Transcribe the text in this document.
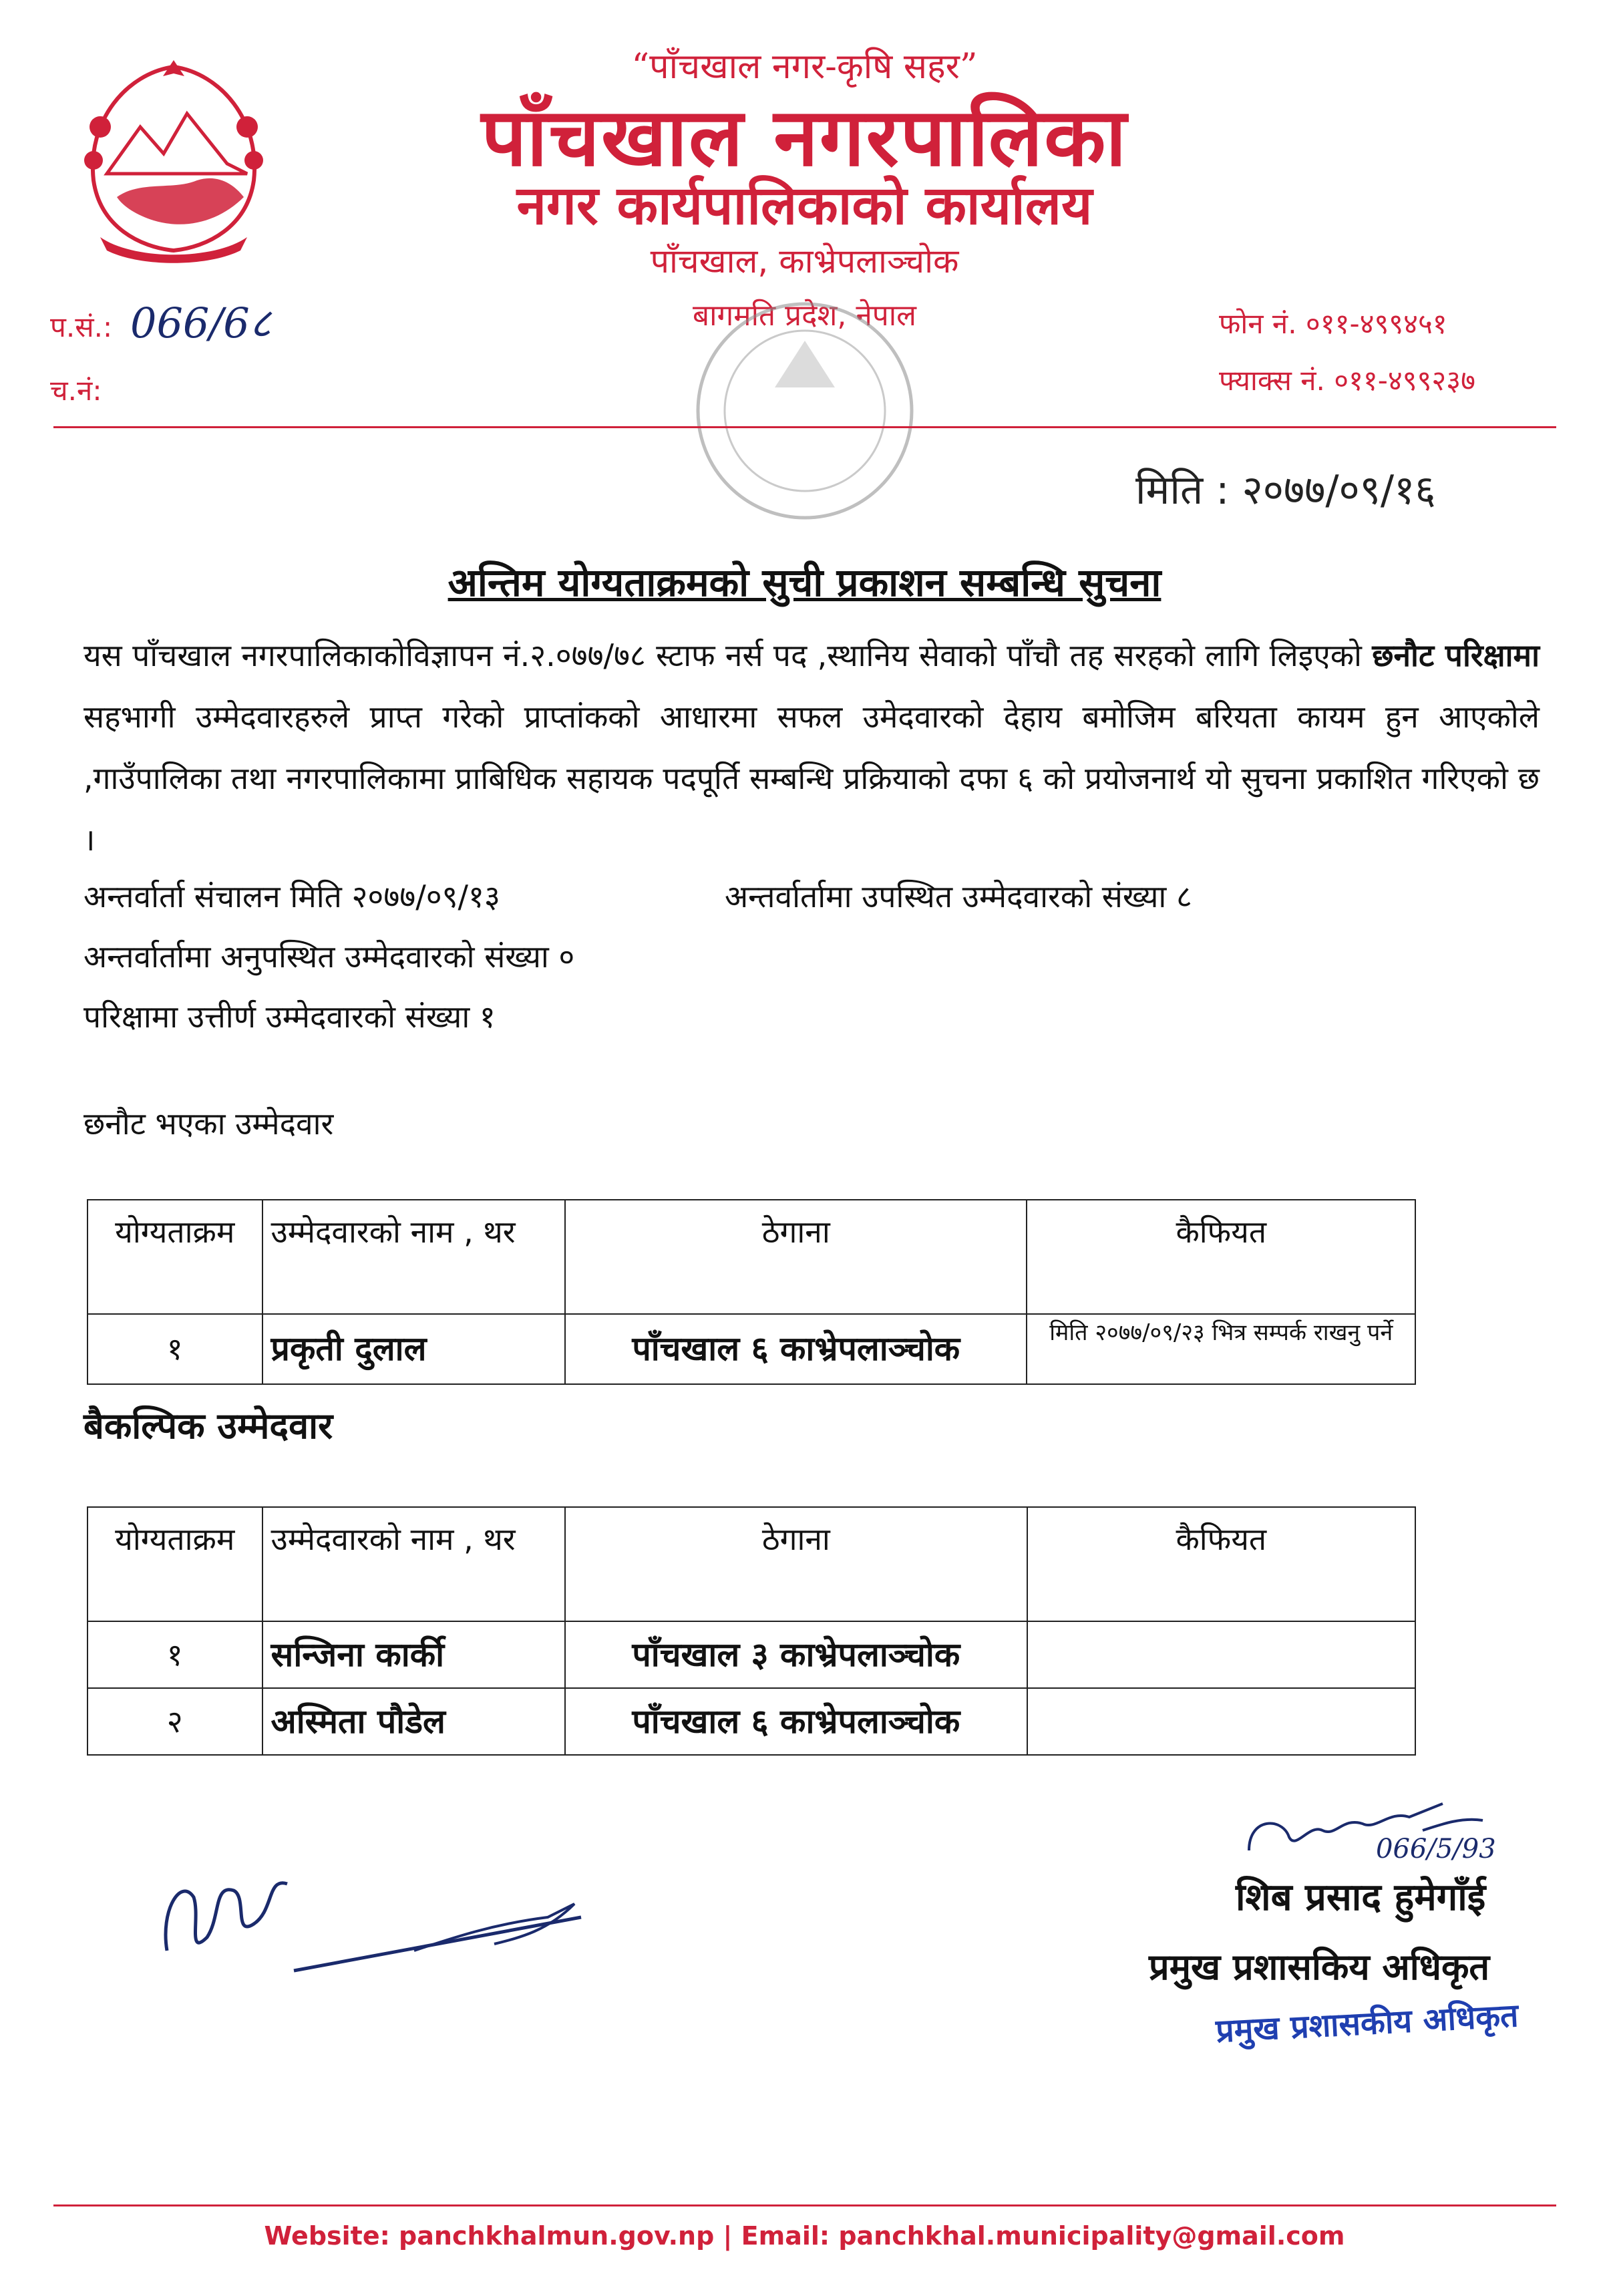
“पाँचखाल नगर-कृषि सहर”
पाँचखाल नगरपालिका
नगर कार्यपालिकाको कार्यालय
पाँचखाल, काभ्रेपलाञ्चोक
बागमति प्रदेश, नेपाल
प.सं.: 066/6८
च.नं:
फोन नं. ०११-४९९४५१
फ्याक्स नं. ०११-४९९२३७
मिति : २०७७/०९/१६
अन्तिम योग्यताक्रमको सुची प्रकाशन सम्बन्धि सुचना
यस पाँचखाल नगरपालिकाकोविज्ञापन नं.२.०७७/७८ स्टाफ नर्स पद ,स्थानिय सेवाको पाँचौ तह सरहको लागि लिइएको छनौट परिक्षामा सहभागी उम्मेदवारहरुले प्राप्त गरेको प्राप्तांकको आधारमा सफल उमेदवारको देहाय बमोजिम बरियता कायम हुन आएकोले ,गाउँपालिका तथा नगरपालिकामा प्राबिधिक सहायक पदपूर्ति सम्बन्धि प्रक्रियाको दफा ६ को प्रयोजनार्थ यो सुचना प्रकाशित गरिएको छ ।
अन्तर्वार्ता संचालन मिति २०७७/०९/१३	अन्तर्वार्तामा उपस्थित उम्मेदवारको संख्या ८
अन्तर्वार्तामा अनुपस्थित उम्मेदवारको संख्या ०
परिक्षामा उत्तीर्ण उम्मेदवारको संख्या १
छनौट भएका उम्मेदवार
योग्यताक्रम	उम्मेदवारको नाम , थर	ठेगाना	कैफियत
१	प्रकृती दुलाल	पाँचखाल ६ काभ्रेपलाञ्चोक	मिति २०७७/०९/२३ भित्र सम्पर्क राखनु पर्ने
बैकल्पिक उम्मेदवार
योग्यताक्रम	उम्मेदवारको नाम , थर	ठेगाना	कैफियत
१	सन्जिना कार्की	पाँचखाल ३ काभ्रेपलाञ्चोक	
२	अस्मिता पौडेल	पाँचखाल ६ काभ्रेपलाञ्चोक	
066/5/93
शिब प्रसाद हुमेगाँई
प्रमुख प्रशासकिय अधिकृत
प्रमुख प्रशासकीय अधिकृत
Website: panchkhalmun.gov.np | Email: panchkhal.municipality@gmail.com
